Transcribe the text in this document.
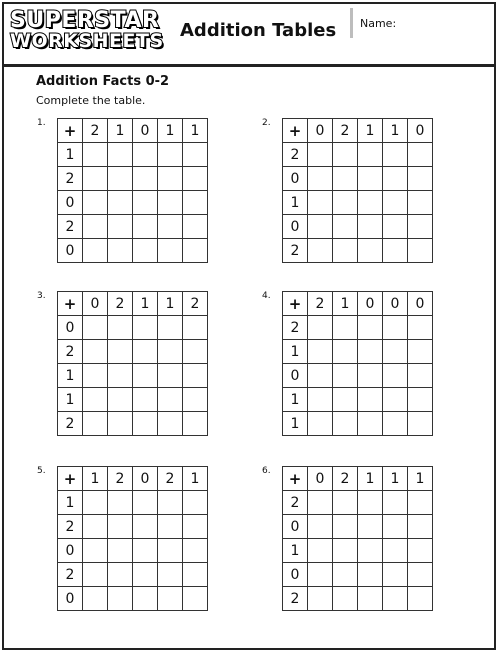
SUPERSTAR
WORKSHEETS Addition Tables Name:
Addition Facts 0-2
Complete the table.
1. +	2	1	0	1	1
1					
2					
0					
2					
0					
2. +	0	2	1	1	0
2					
0					
1					
0					
2					
3. +	0	2	1	1	2
0					
2					
1					
1					
2					
4. +	2	1	0	0	0
2					
1					
0					
1					
1					
5. +	1	2	0	2	1
1					
2					
0					
2					
0					
6. +	0	2	1	1	1
2					
0					
1					
0					
2					
